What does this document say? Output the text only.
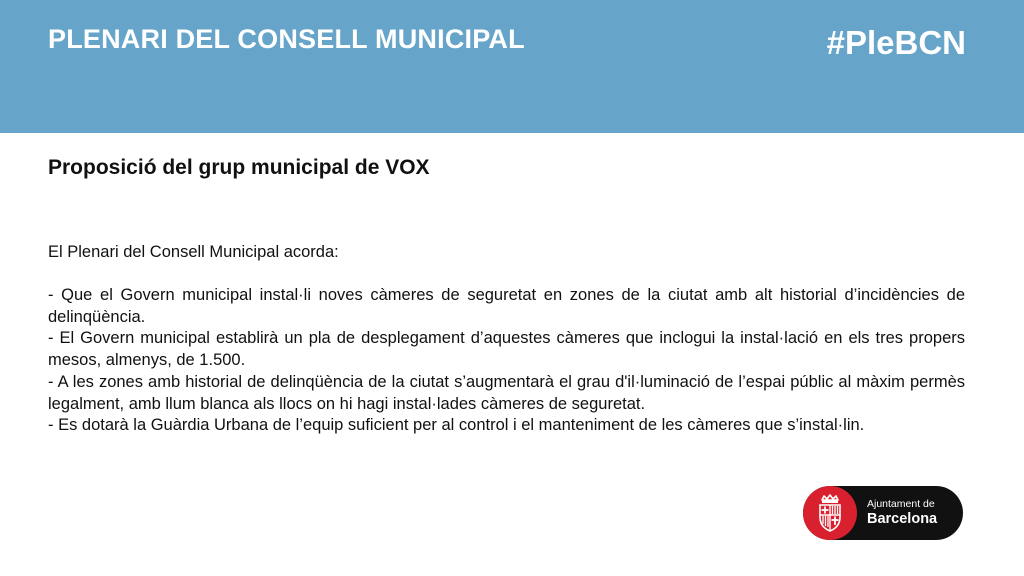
PLENARI DEL CONSELL MUNICIPAL	#PleBCN
Proposició del grup municipal de VOX
El Plenari del Consell Municipal acorda:

- Que el Govern municipal instal·li noves càmeres de seguretat en zones de la ciutat amb alt historial d’incidències de delinqüència.

- El Govern municipal establirà un pla de desplegament d’aquestes càmeres que inclogui la instal·lació en els tres propers mesos, almenys, de 1.500.

- A les zones amb historial de delinqüència de la ciutat s’augmentarà el grau d'il·luminació de l’espai públic al màxim permès legalment, amb llum blanca als llocs on hi hagi instal·lades càmeres de seguretat.

- Es dotarà la Guàrdia Urbana de l’equip suficient per al control i el manteniment de les càmeres que s’instal·lin.

Ajuntament de
Barcelona
